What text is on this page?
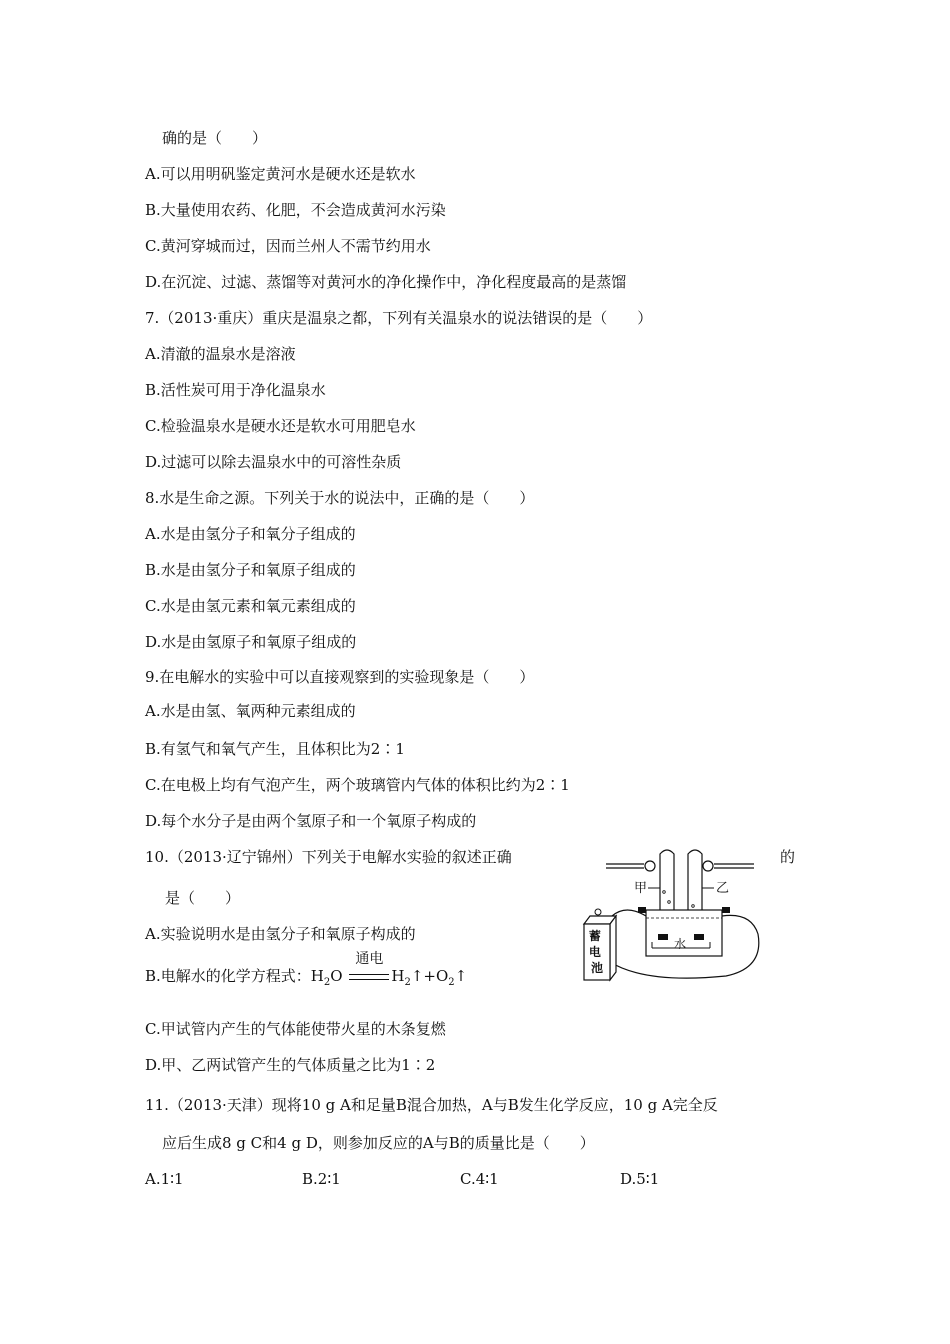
确的是（　　）
A.可以用明矾鉴定黄河水是硬水还是软水
B.大量使用农药、化肥，不会造成黄河水污染
C.黄河穿城而过，因而兰州人不需节约用水
D.在沉淀、过滤、蒸馏等对黄河水的净化操作中，净化程度最高的是蒸馏
7.（2013·重庆）重庆是温泉之都，下列有关温泉水的说法错误的是（　　）
A.清澈的温泉水是溶液
B.活性炭可用于净化温泉水
C.检验温泉水是硬水还是软水可用肥皂水
D.过滤可以除去温泉水中的可溶性杂质
8.水是生命之源。下列关于水的说法中，正确的是（　　）
A.水是由氢分子和氧分子组成的
B.水是由氢分子和氧原子组成的
C.水是由氢元素和氧元素组成的
D.水是由氢原子和氧原子组成的
9.在电解水的实验中可以直接观察到的实验现象是（　　）
A.水是由氢、氧两种元素组成的
B.有氢气和氧气产生，且体积比为2∶1
C.在电极上均有气泡产生，两个玻璃管内气体的体积比约为2∶1
D.每个水分子是由两个氢原子和一个氧原子构成的
10.（2013·辽宁锦州）下列关于电解水实验的叙述正确	的
是（　　）
A.实验说明水是由氢分子和氧原子构成的
B.电解水的化学方程式：$H_2O$
通电
$H_2↑+O_2↑$
C.甲试管内产生的气体能使带火星的木条复燃
D.甲、乙两试管产生的气体质量之比为1∶2
甲	乙
水
蓄 电 池
11.（2013·天津）现将10 g A和足量B混合加热，A与B发生化学反应，10 g A完全反
应后生成8 g C和4 g D，则参加反应的A与B的质量比是（　　）
A.1∶1	B.2∶1	C.4∶1	D.5∶1
